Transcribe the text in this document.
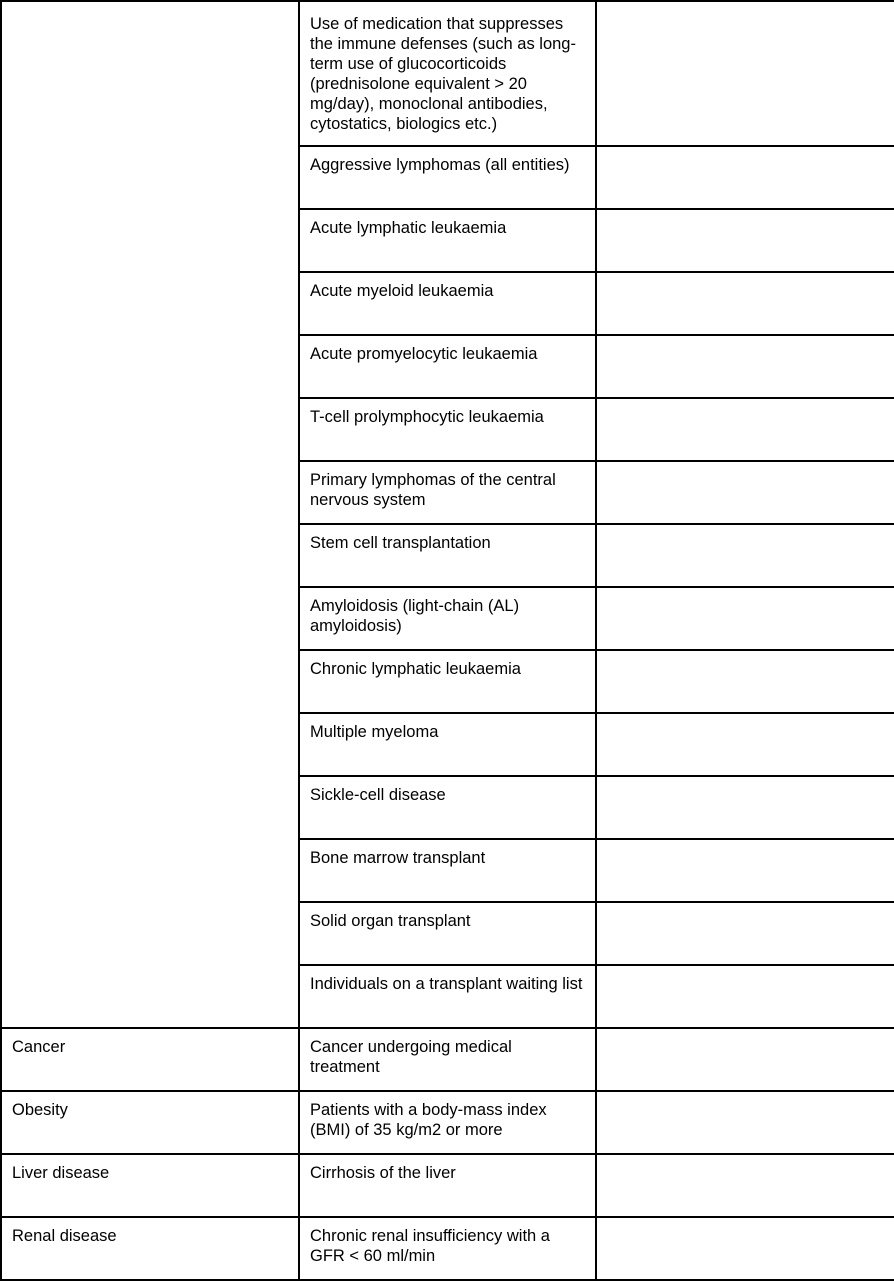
	Use of medication that suppresses the immune defenses (such as long-term use of glucocorticoids (prednisolone equivalent > 20 mg/day), monoclonal antibodies, cytostatics, biologics etc.)	
	Aggressive lymphomas (all entities)	
	Acute lymphatic leukaemia	
	Acute myeloid leukaemia	
	Acute promyelocytic leukaemia	
	T-cell prolymphocytic leukaemia	
	Primary lymphomas of the central nervous system	
	Stem cell transplantation	
	Amyloidosis (light-chain (AL) amyloidosis)	
	Chronic lymphatic leukaemia	
	Multiple myeloma	
	Sickle-cell disease	
	Bone marrow transplant	
	Solid organ transplant	
	Individuals on a transplant waiting list	
Cancer	Cancer undergoing medical treatment	
Obesity	Patients with a body-mass index (BMI) of 35 kg/m2 or more	
Liver disease	Cirrhosis of the liver	
Renal disease	Chronic renal insufficiency with a GFR < 60 ml/min	
